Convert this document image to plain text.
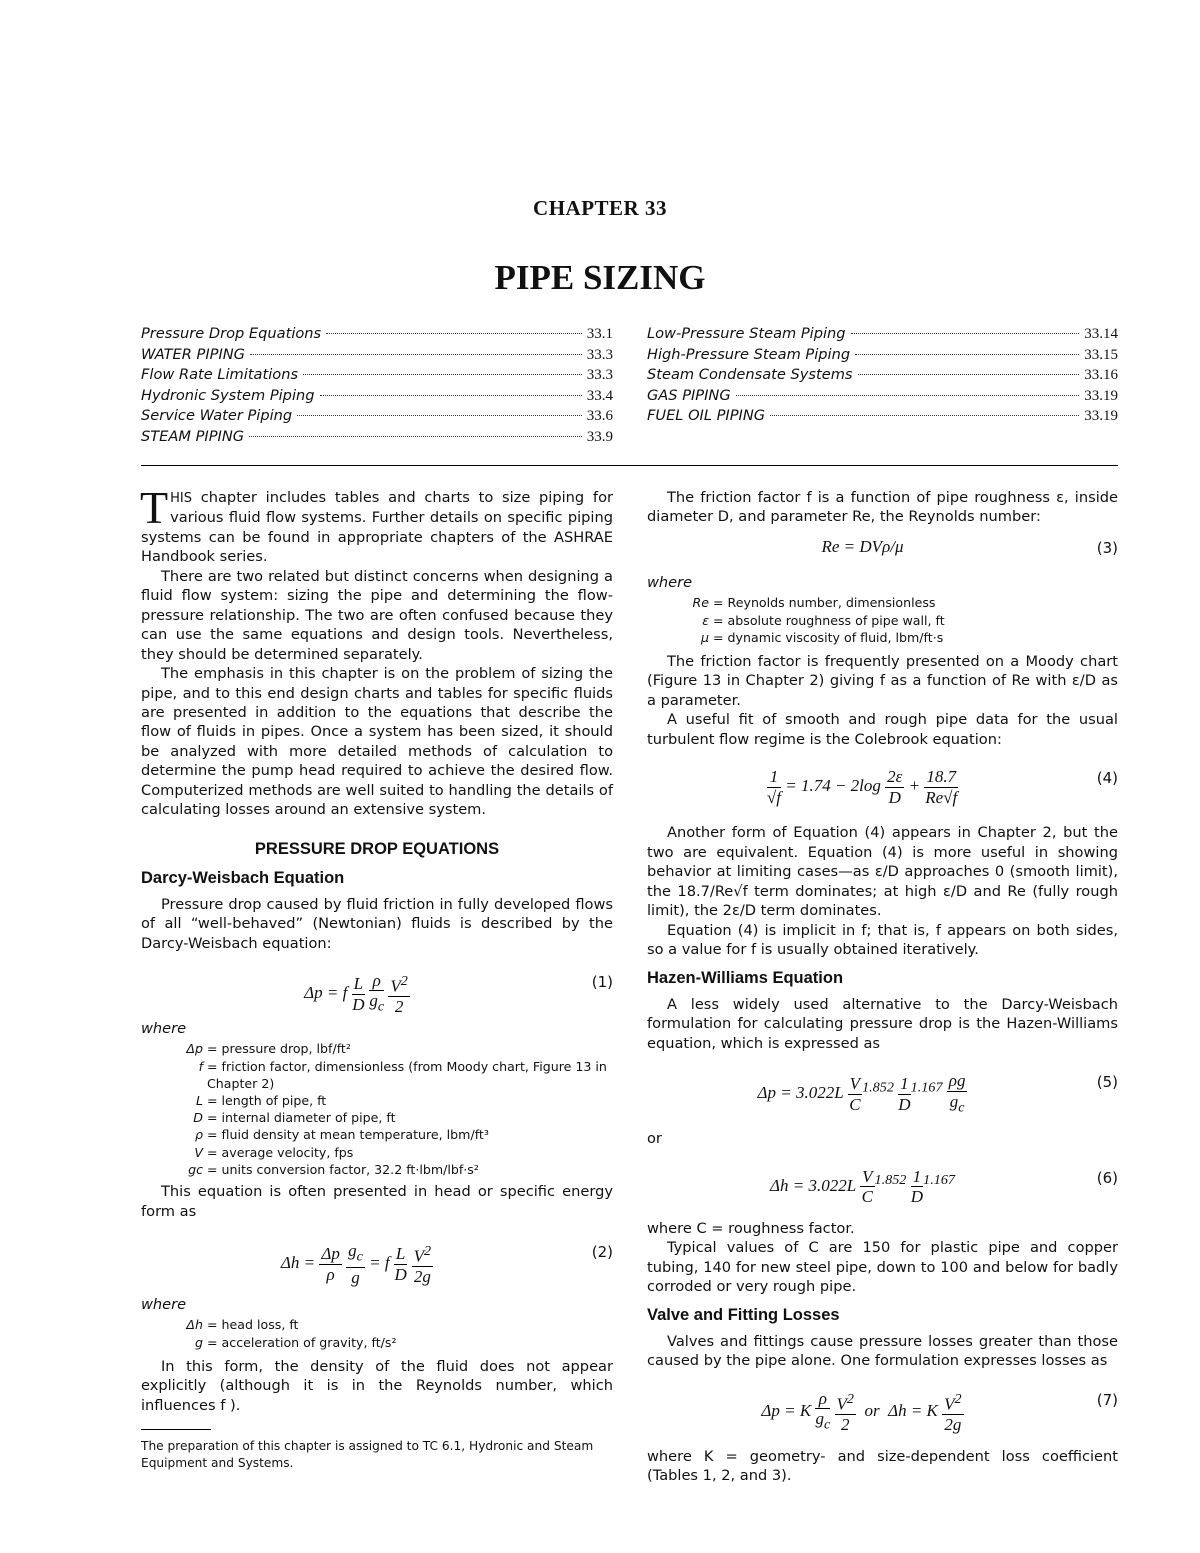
CHAPTER 33
PIPE SIZING
Pressure Drop Equations	33.1
WATER PIPING	33.3
Flow Rate Limitations	33.3
Hydronic System Piping	33.4
Service Water Piping	33.6
STEAM PIPING	33.9
Low-Pressure Steam Piping	33.14
High-Pressure Steam Piping	33.15
Steam Condensate Systems	33.16
GAS PIPING	33.19
FUEL OIL PIPING	33.19

THIS chapter includes tables and charts to size piping for various fluid flow systems. Further details on specific piping systems can be found in appropriate chapters of the ASHRAE Handbook series.

There are two related but distinct concerns when designing a fluid flow system: sizing the pipe and determining the flow-pressure relationship. The two are often confused because they can use the same equations and design tools. Nevertheless, they should be determined separately.

The emphasis in this chapter is on the problem of sizing the pipe, and to this end design charts and tables for specific fluids are presented in addition to the equations that describe the flow of fluids in pipes. Once a system has been sized, it should be analyzed with more detailed methods of calculation to determine the pump head required to achieve the desired flow. Computerized methods are well suited to handling the details of calculating losses around an extensive system.

PRESSURE DROP EQUATIONS
Darcy-Weisbach Equation

Pressure drop caused by fluid friction in fully developed flows of all “well-behaved” (Newtonian) fluids is described by the Darcy-Weisbach equation:

Δp = f $\frac{L}{D}$
$\frac{\rho}{g_c}$
$\frac{V^2}{2}$	(1)
where
Δp = pressure drop, lbf/ft²
f = friction factor, dimensionless (from Moody chart, Figure 13 in Chapter 2)
L = length of pipe, ft
D = internal diameter of pipe, ft
ρ = fluid density at mean temperature, lbm/ft³
V = average velocity, fps
gc = units conversion factor, 32.2 ft·lbm/lbf·s²

This equation is often presented in head or specific energy form as

$\Delta h = \frac{\Delta p}{\rho}$
$\frac{g_c}{g} = f \frac{L}{D}$
$\frac{V^2}{2g}$	(2)
where
Δh = head loss, ft
g = acceleration of gravity, ft/s²

In this form, the density of the fluid does not appear explicitly (although it is in the Reynolds number, which influences f ).

The preparation of this chapter is assigned to TC 6.1, Hydronic and Steam Equipment and Systems.

The friction factor f is a function of pipe roughness ε, inside diameter D, and parameter Re, the Reynolds number:

Re = DVρ/μ	(3)
where
Re = Reynolds number, dimensionless
ε = absolute roughness of pipe wall, ft
μ = dynamic viscosity of fluid, lbm/ft·s

The friction factor is frequently presented on a Moody chart (Figure 13 in Chapter 2) giving f as a function of Re with ε/D as a parameter.

A useful fit of smooth and rough pipe data for the usual turbulent flow regime is the Colebrook equation:

$\frac{1}{√f} = 1.74 - 2\log \frac{2\varepsilon}{D} + \frac{18.7}{Re√f}$	(4)

Another form of Equation (4) appears in Chapter 2, but the two are equivalent. Equation (4) is more useful in showing behavior at limiting cases—as ε/D approaches 0 (smooth limit), the 18.7/Re√f term dominates; at high ε/D and Re (fully rough limit), the 2ε/D term dominates.

Equation (4) is implicit in f; that is, f appears on both sides, so a value for f is usually obtained iteratively.

Hazen-Williams Equation

A less widely used alternative to the Darcy-Weisbach formulation for calculating pressure drop is the Hazen-Williams equation, which is expressed as

$\Delta p = 3.022L \frac{V}{C} ^{1.852} \frac{1}{D} ^{1.167} \frac{\rho g}{g_c}$	(5)
or
$\Delta h = 3.022L \frac{V}{C} ^{1.852} \frac{1}{D} ^{1.167}$	(6)

where C = roughness factor.

Typical values of C are 150 for plastic pipe and copper tubing, 140 for new steel pipe, down to 100 and below for badly corroded or very rough pipe.

Valve and Fitting Losses

Valves and fittings cause pressure losses greater than those caused by the pipe alone. One formulation expresses losses as

Δp = K $\frac{\rho}{g_c}$
$\frac{V^2}{2}$ or  Δh = K $\frac{V^2}{2g}$	(7)

where K = geometry- and size-dependent loss coefficient (Tables 1, 2, and 3).
